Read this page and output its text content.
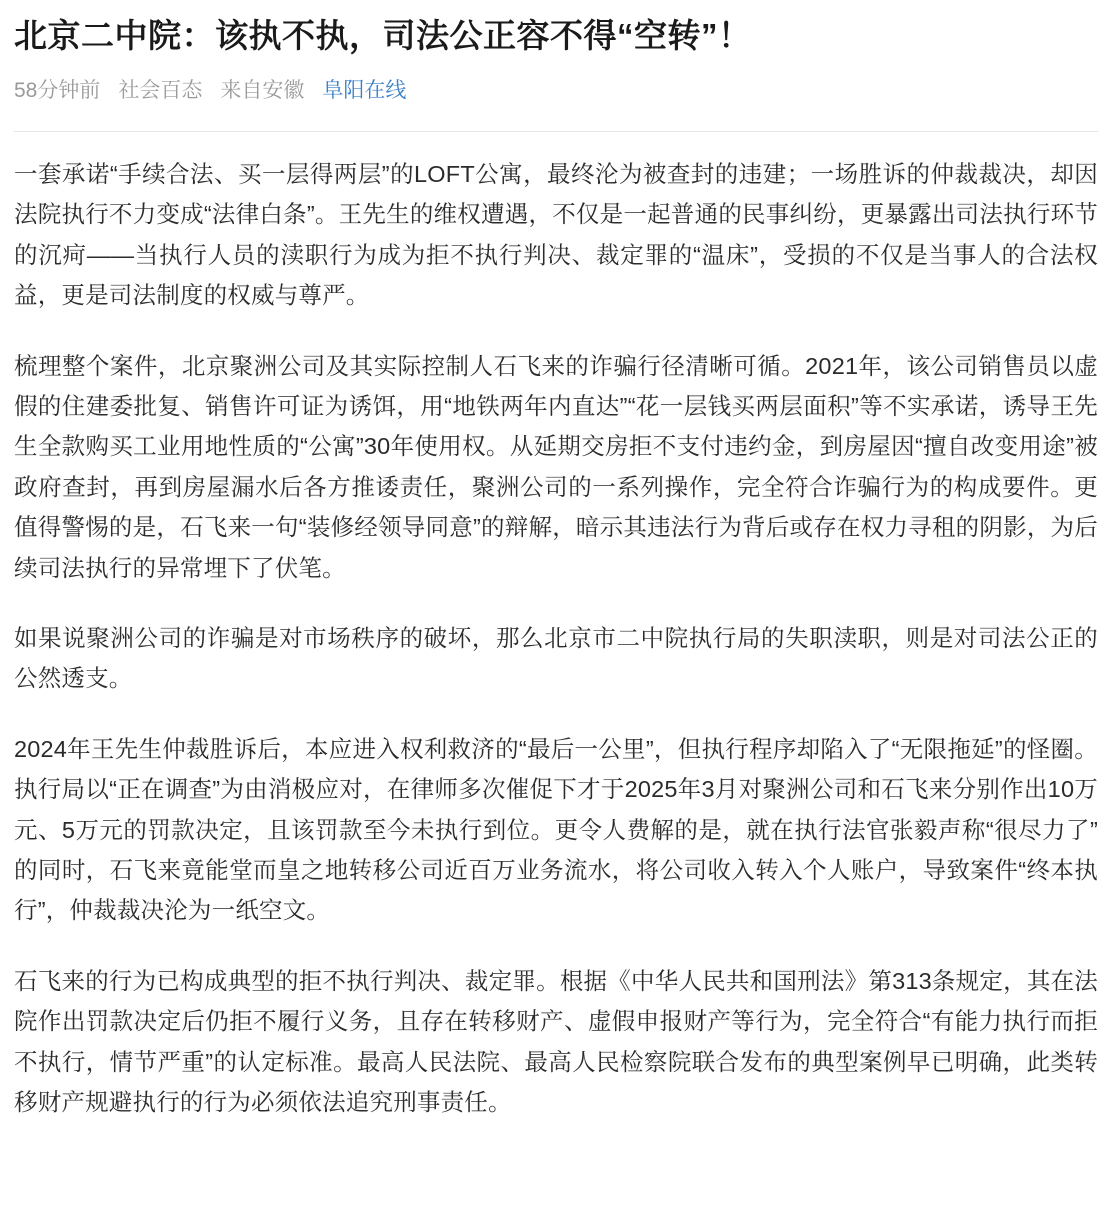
北京二中院：该执不执，司法公正容不得“空转”！
58分钟前 社会百态 来自安徽 阜阳在线

一套承诺“手续合法、买一层得两层”的LOFT公寓，最终沦为被查封的违建；一场胜诉的仲裁裁决，却因法院执行不力变成“法律白条”。王先生的维权遭遇，不仅是一起普通的民事纠纷，更暴露出司法执行环节的沉疴——当执行人员的渎职行为成为拒不执行判决、裁定罪的“温床”，受损的不仅是当事人的合法权益，更是司法制度的权威与尊严。

梳理整个案件，北京聚洲公司及其实际控制人石飞来的诈骗行径清晰可循。2021年，该公司销售员以虚假的住建委批复、销售许可证为诱饵，用“地铁两年内直达”“花一层钱买两层面积”等不实承诺，诱导王先生全款购买工业用地性质的“公寓”30年使用权。从延期交房拒不支付违约金，到房屋因“擅自改变用途”被政府查封，再到房屋漏水后各方推诿责任，聚洲公司的一系列操作，完全符合诈骗行为的构成要件。更值得警惕的是，石飞来一句“装修经领导同意”的辩解，暗示其违法行为背后或存在权力寻租的阴影，为后续司法执行的异常埋下了伏笔。

如果说聚洲公司的诈骗是对市场秩序的破坏，那么北京市二中院执行局的失职渎职，则是对司法公正的公然透支。

2024年王先生仲裁胜诉后，本应进入权利救济的“最后一公里”，但执行程序却陷入了“无限拖延”的怪圈。执行局以“正在调查”为由消极应对，在律师多次催促下才于2025年3月对聚洲公司和石飞来分别作出10万元、5万元的罚款决定，且该罚款至今未执行到位。更令人费解的是，就在执行法官张毅声称“很尽力了”的同时，石飞来竟能堂而皇之地转移公司近百万业务流水，将公司收入转入个人账户，导致案件“终本执行”，仲裁裁决沦为一纸空文。

石飞来的行为已构成典型的拒不执行判决、裁定罪。根据《中华人民共和国刑法》第313条规定，其在法院作出罚款决定后仍拒不履行义务，且存在转移财产、虚假申报财产等行为，完全符合“有能力执行而拒不执行，情节严重”的认定标准。最高人民法院、最高人民检察院联合发布的典型案例早已明确，此类转移财产规避执行的行为必须依法追究刑事责任。
